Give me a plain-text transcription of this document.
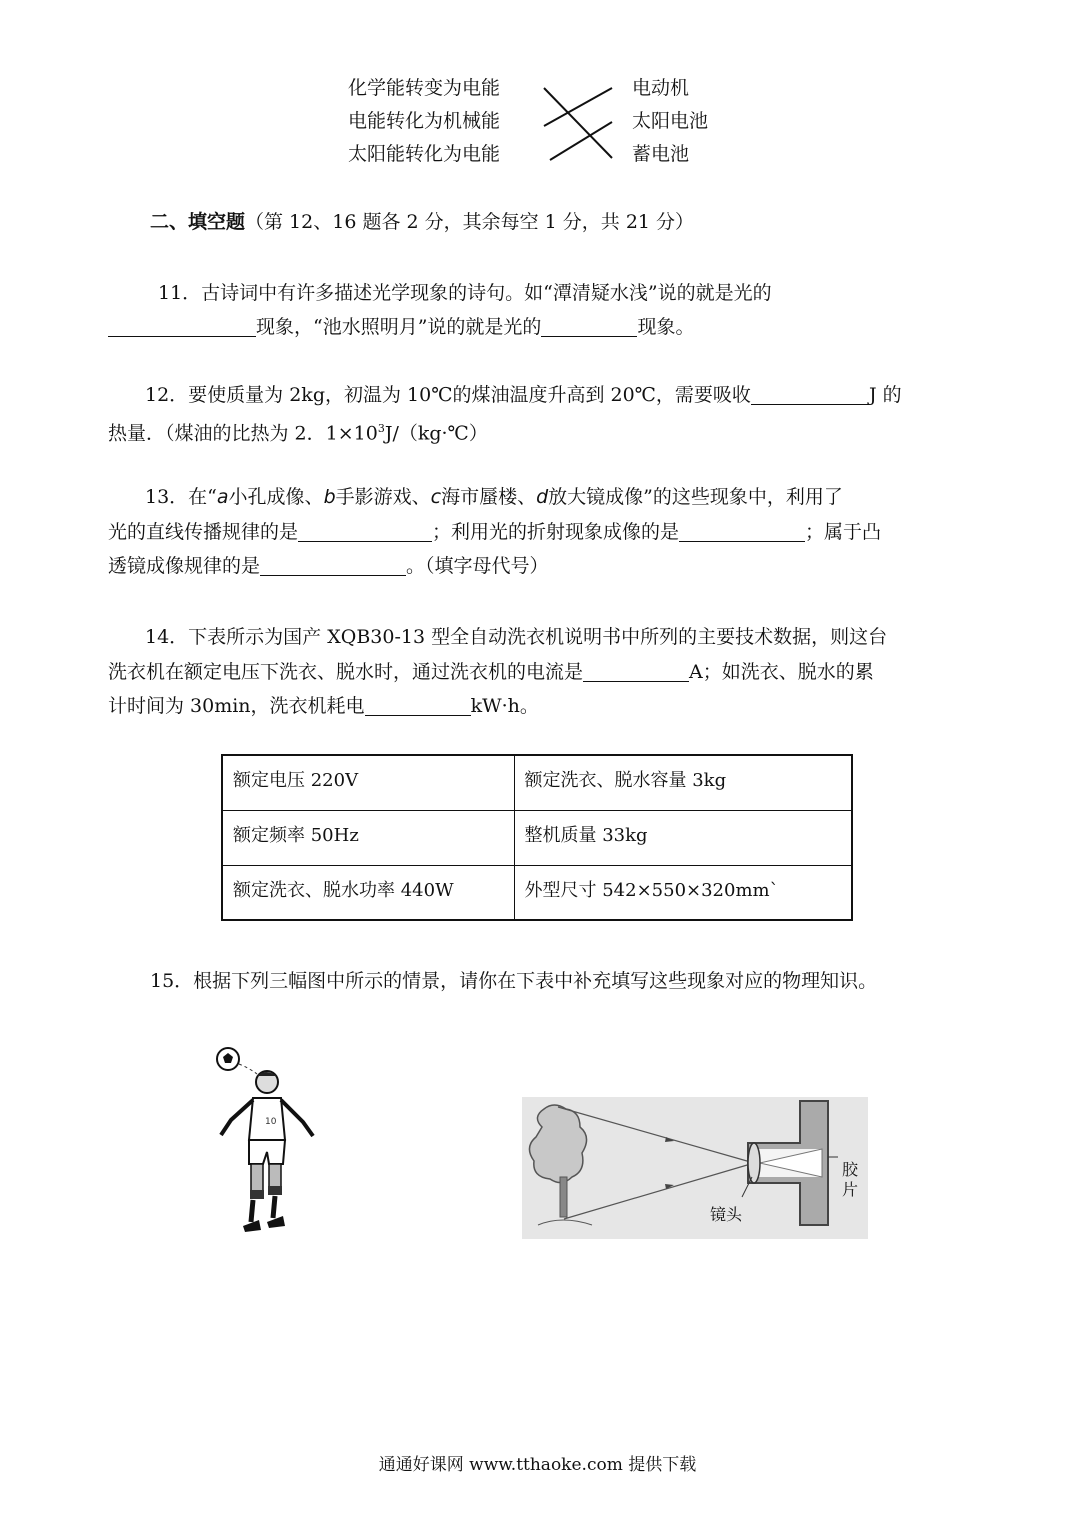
化学能转变为电能
电能转化为机械能
太阳能转化为电能
电动机
太阳电池
蓄电池
二、填空题（第 12、16 题各 2 分，其余每空 1 分，共 21 分）
11．古诗词中有许多描述光学现象的诗句。如“潭清疑水浅”说的就是光的
现象，“池水照明月”说的就是光的	现象。
12．要使质量为 2kg，初温为 10℃的煤油温度升高到 20℃，需要吸收	J 的
热量．（煤油的比热为 2．$1\times 10^3J/(kg\cdot℃)$
13．在“a小孔成像、b手影游戏、c海市蜃楼、d放大镜成像”的这些现象中，利用了
光的直线传播规律的是	；利用光的折射现象成像的是	；属于凸
透镜成像规律的是	。（填字母代号）
14．下表所示为国产 XQB30-13 型全自动洗衣机说明书中所列的主要技术数据，则这台
洗衣机在额定电压下洗衣、脱水时，通过洗衣机的电流是	A；如洗衣、脱水的累
计时间为 30min，洗衣机耗电	kW·h。
额定电压 220V	额定洗衣、脱水容量 3kg
额定频率 50Hz	整机质量 33kg
额定洗衣、脱水功率 440W	外型尺寸 542×550×320mm`
15．根据下列三幅图中所示的情景，请你在下表中补充填写这些现象对应的物理知识。
10
镜头
胶片
通通好课网 www.tthaoke.com 提供下载
